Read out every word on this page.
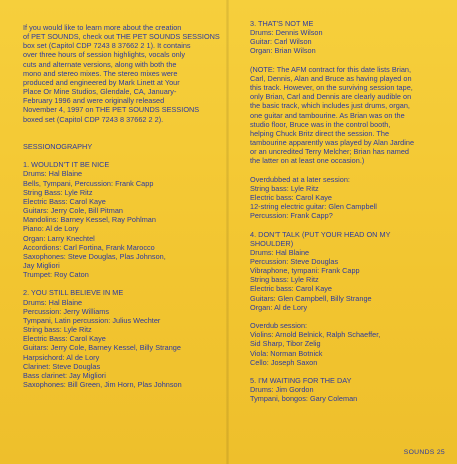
If you would like to learn more about the creation
of PET SOUNDS, check out THE PET SOUNDS SESSIONS
box set (Capitol CDP 7243 8 37662 2 1). It contains
over three hours of session highlights, vocals only
cuts and alternate versions, along with both the
mono and stereo mixes. The stereo mixes were
produced and engineered by Mark Linett at Your
Place Or Mine Studios, Glendale, CA, January-
February 1996 and were originally released
November 4, 1997 on THE PET SOUNDS SESSIONS
boxed set (Capitol CDP 7243 8 37662 2 2).
SESSIONOGRAPHY
1. WOULDN'T IT BE NICE
Drums: Hal Blaine
Bells, Tympani, Percussion: Frank Capp
String Bass: Lyle Ritz
Electric Bass: Carol Kaye
Guitars: Jerry Cole, Bill Pitman
Mandolins: Barney Kessel, Ray Pohlman
Piano: Al de Lory
Organ: Larry Knechtel
Accordions: Carl Fortina, Frank Marocco
Saxophones: Steve Douglas, Plas Johnson,
Jay Migliori
Trumpet: Roy Caton
2. YOU STILL BELIEVE IN ME
Drums: Hal Blaine
Percussion: Jerry Williams
Tympani, Latin percussion: Julius Wechter
String bass: Lyle Ritz
Electric Bass: Carol Kaye
Guitars: Jerry Cole, Barney Kessel, Billy Strange
Harpsichord: Al de Lory
Clarinet: Steve Douglas
Bass clarinet: Jay Migliori
Saxophones: Bill Green, Jim Horn, Plas Johnson
3. THAT'S NOT ME
Drums: Dennis Wilson
Guitar: Carl Wilson
Organ: Brian Wilson
(NOTE: The AFM contract for this date lists Brian,
Carl, Dennis, Alan and Bruce as having played on
this track. However, on the surviving session tape,
only Brian, Carl and Dennis are clearly audible on
the basic track, which includes just drums, organ,
one guitar and tambourine. As Brian was on the
studio floor, Bruce was in the control booth,
helping Chuck Britz direct the session. The
tambourine apparently was played by Alan Jardine
or an uncredited Terry Melcher; Brian has named
the latter on at least one occasion.)
Overdubbed at a later session:
String bass: Lyle Ritz
Electric bass: Carol Kaye
12-string electric guitar: Glen Campbell
Percussion: Frank Capp?
4. DON'T TALK (PUT YOUR HEAD ON MY
SHOULDER)
Drums: Hal Blaine
Percussion: Steve Douglas
Vibraphone, tympani: Frank Capp
String bass: Lyle Ritz
Electric bass: Carol Kaye
Guitars: Glen Campbell, Billy Strange
Organ: Al de Lory
Overdub session:
Violins: Arnold Belnick, Ralph Schaeffer,
Sid Sharp, Tibor Zelig
Viola: Norman Botnick
Cello: Joseph Saxon
5. I'M WAITING FOR THE DAY
Drums: Jim Gordon
Tympani, bongos: Gary Coleman
SOUNDS 25
